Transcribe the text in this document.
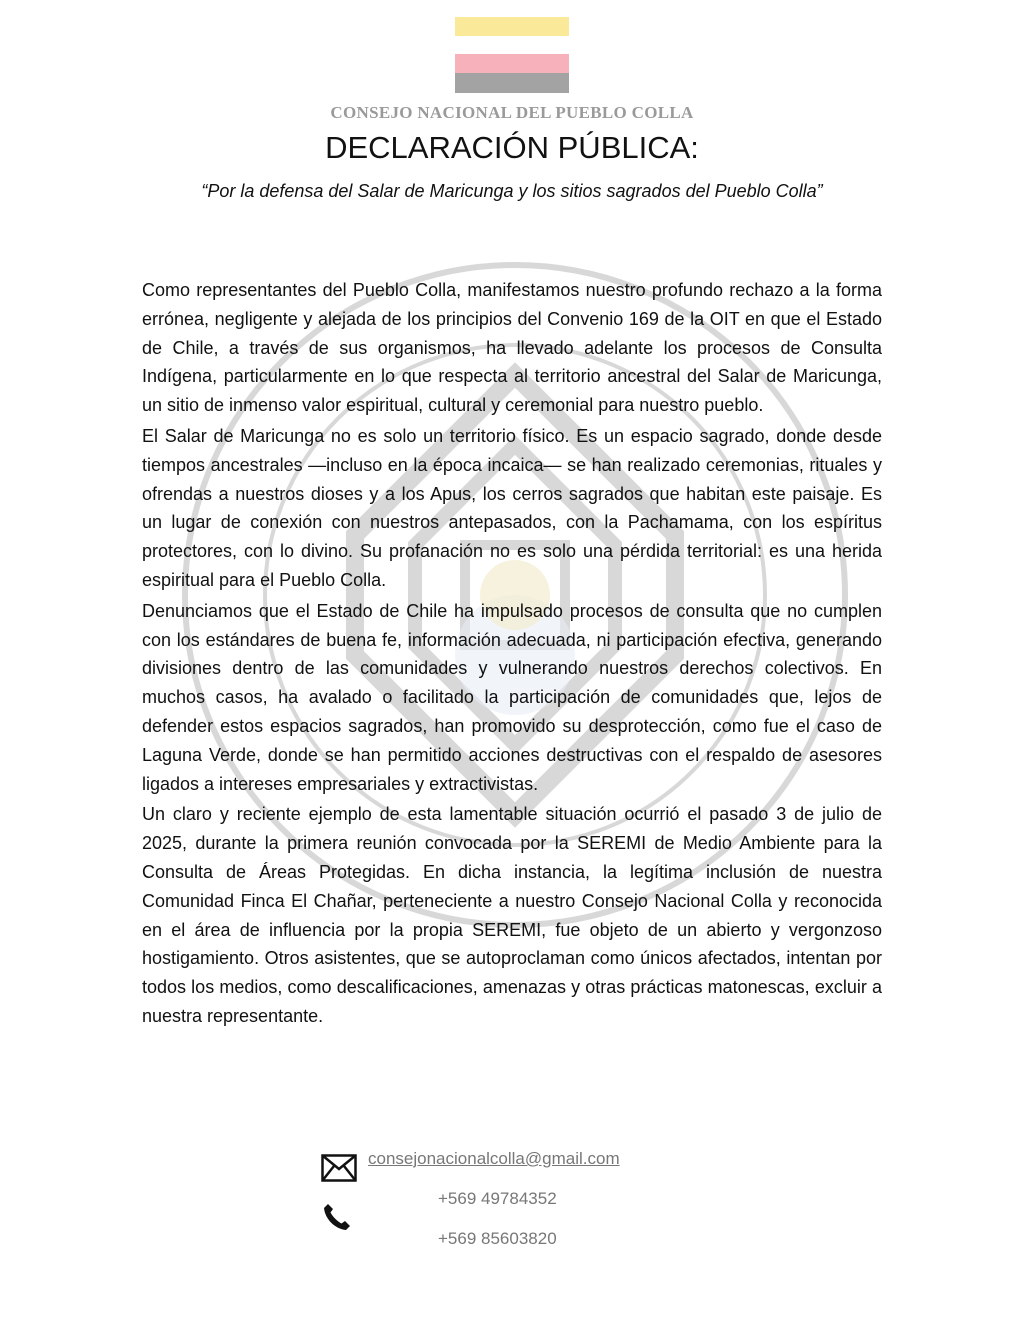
CONSEJO NACIONAL DEL PUEBLO COLLA
DECLARACIÓN PÚBLICA:
“Por la defensa del Salar de Maricunga y los sitios sagrados del Pueblo Colla”

Como representantes del Pueblo Colla, manifestamos nuestro profundo rechazo a la forma errónea, negligente y alejada de los principios del Convenio 169 de la OIT en que el Estado de Chile, a través de sus organismos, ha llevado adelante los procesos de Consulta Indígena, particularmente en lo que respecta al territorio ancestral del Salar de Maricunga, un sitio de inmenso valor espiritual, cultural y ceremonial para nuestro pueblo.

El Salar de Maricunga no es solo un territorio físico. Es un espacio sagrado, donde desde tiempos ancestrales —incluso en la época incaica— se han realizado ceremonias, rituales y ofrendas a nuestros dioses y a los Apus, los cerros sagrados que habitan este paisaje. Es un lugar de conexión con nuestros antepasados, con la Pachamama, con los espíritus protectores, con lo divino. Su profanación no es solo una pérdida territorial: es una herida espiritual para el Pueblo Colla.

Denunciamos que el Estado de Chile ha impulsado procesos de consulta que no cumplen con los estándares de buena fe, información adecuada, ni participación efectiva, generando divisiones dentro de las comunidades y vulnerando nuestros derechos colectivos. En muchos casos, ha avalado o facilitado la participación de comunidades que, lejos de defender estos espacios sagrados, han promovido su desprotección, como fue el caso de Laguna Verde, donde se han permitido acciones destructivas con el respaldo de asesores ligados a intereses empresariales y extractivistas.

Un claro y reciente ejemplo de esta lamentable situación ocurrió el pasado 3 de julio de 2025, durante la primera reunión convocada por la SEREMI de Medio Ambiente para la Consulta de Áreas Protegidas. En dicha instancia, la legítima inclusión de nuestra Comunidad Finca El Chañar, perteneciente a nuestro Consejo Nacional Colla y reconocida en el área de influencia por la propia SEREMI, fue objeto de un abierto y vergonzoso hostigamiento. Otros asistentes, que se autoproclaman como únicos afectados, intentan por todos los medios, como descalificaciones, amenazas y otras prácticas matonescas, excluir a nuestra representante.

consejonacionalcolla@gmail.com
+569 49784352
+569 85603820
